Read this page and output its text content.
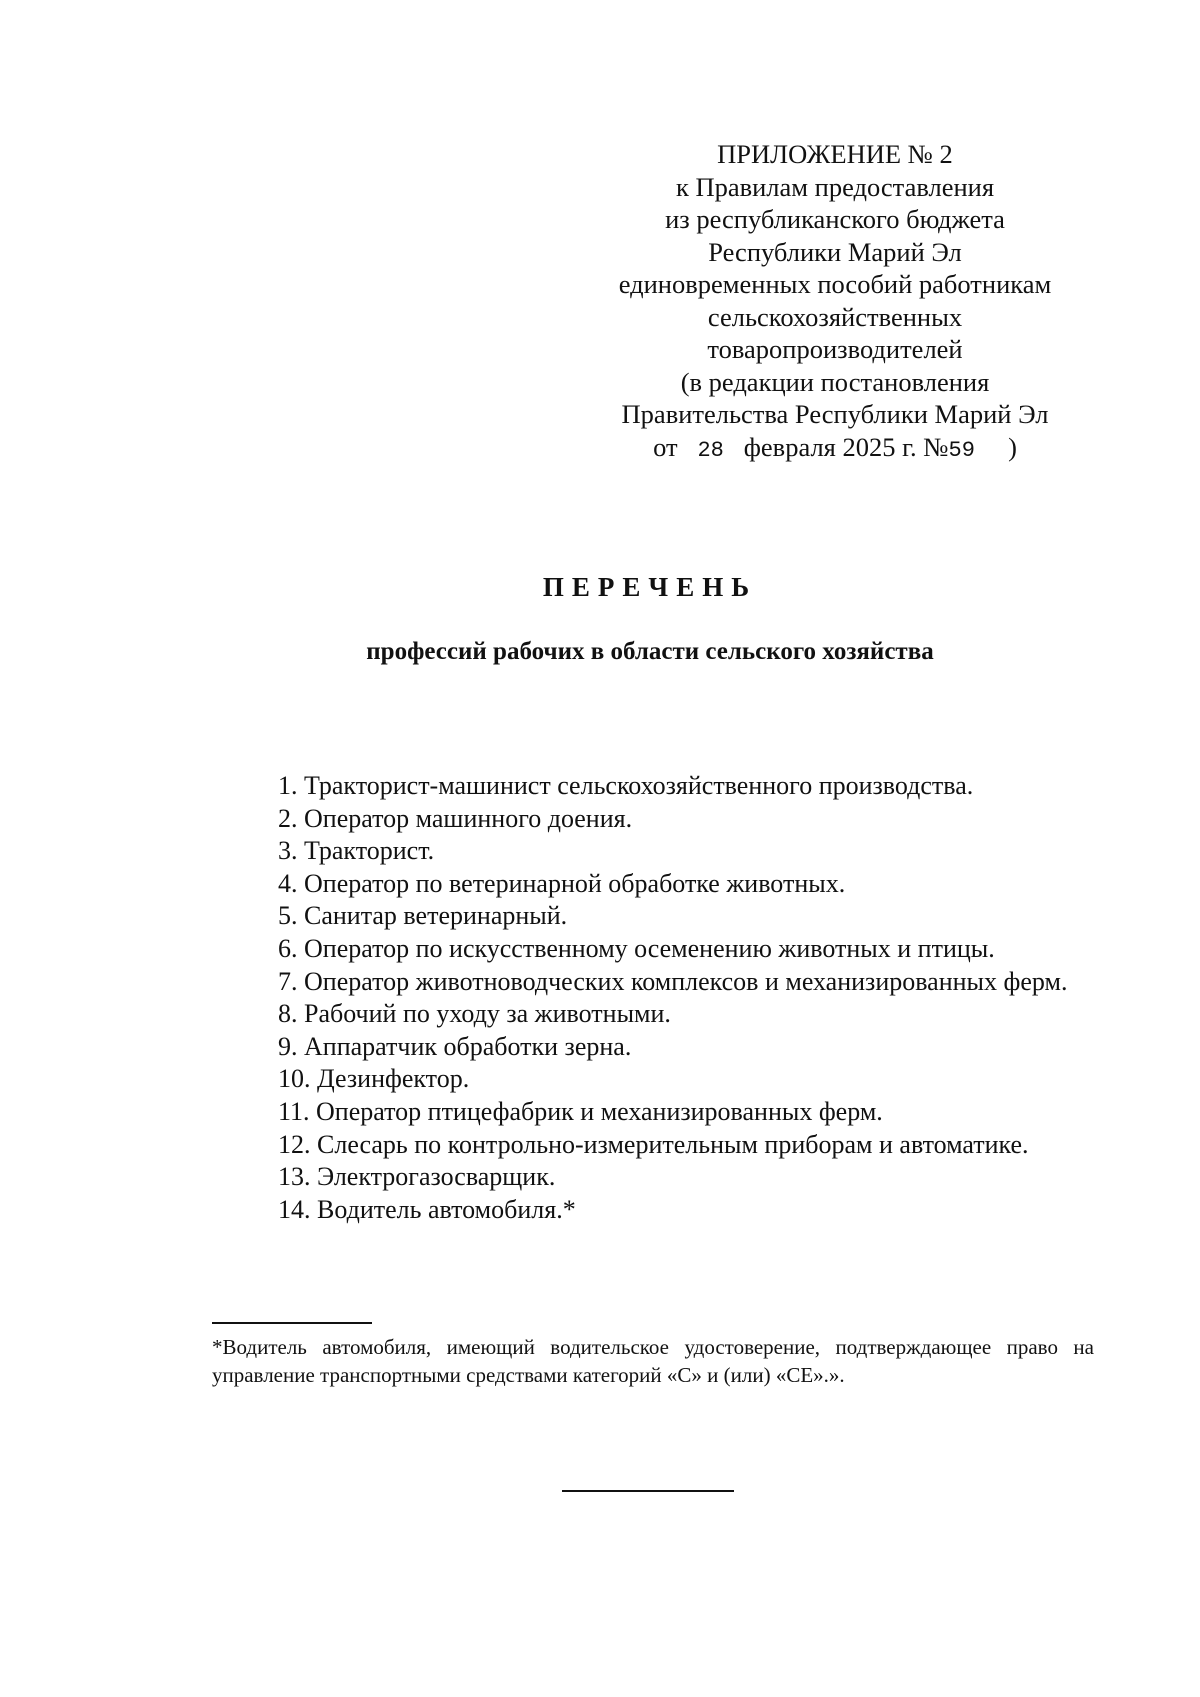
ПРИЛОЖЕНИЕ № 2
к Правилам предоставления
из республиканского бюджета
Республики Марий Эл
единовременных пособий работникам
сельскохозяйственных
товаропроизводителей
(в редакции постановления
Правительства Республики Марий Эл
от 28 февраля 2025 г. №59 )
ПЕРЕЧЕНЬ
профессий рабочих в области сельского хозяйства
1. Тракторист-машинист сельскохозяйственного производства.
2. Оператор машинного доения.
3. Тракторист.
4. Оператор по ветеринарной обработке животных.
5. Санитар ветеринарный.
6. Оператор по искусственному осеменению животных и птицы.
7. Оператор животноводческих комплексов и механизированных ферм.
8. Рабочий по уходу за животными.
9. Аппаратчик обработки зерна.
10. Дезинфектор.
11. Оператор птицефабрик и механизированных ферм.
12. Слесарь по контрольно-измерительным приборам и автоматике.
13. Электрогазосварщик.
14. Водитель автомобиля.*
*Водитель автомобиля, имеющий водительское удостоверение, подтверждающее право на управление транспортными средствами категорий «С» и (или) «СЕ».».
